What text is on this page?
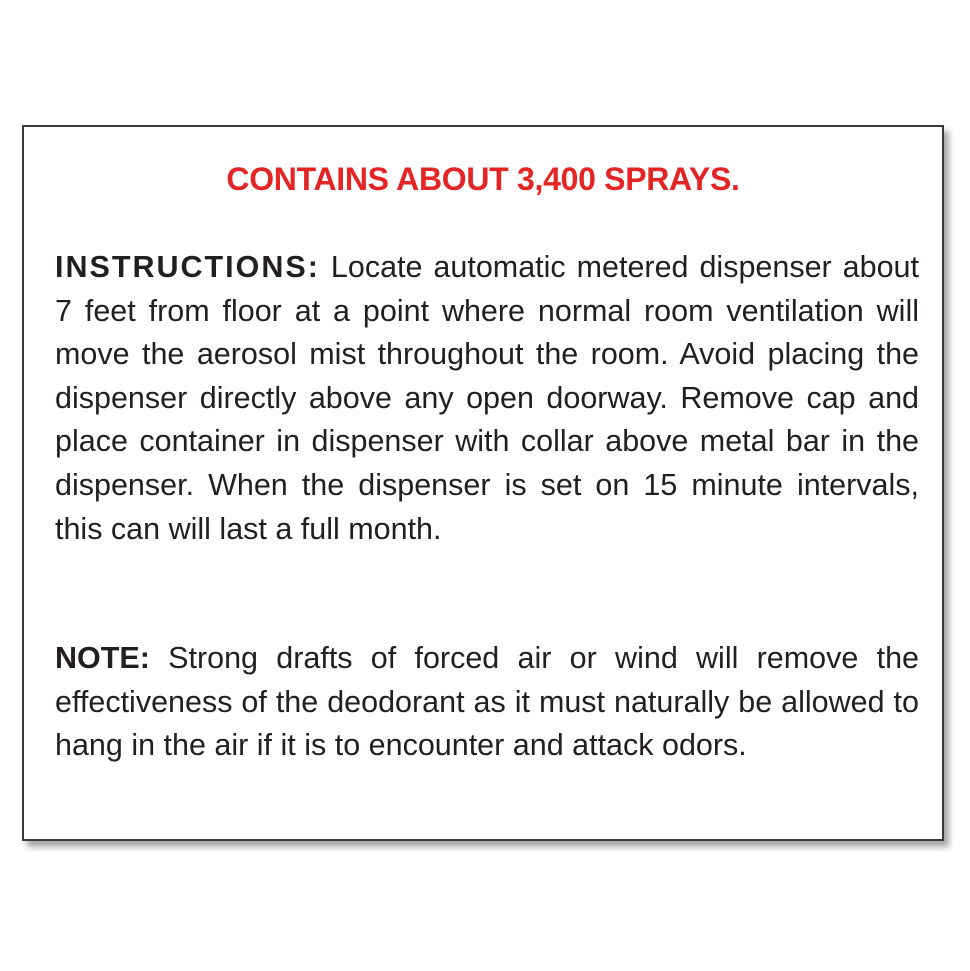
CONTAINS ABOUT 3,400 SPRAYS.

INSTRUCTIONS: Locate automatic metered dispenser about 7 feet from floor at a point where normal room ventilation will move the aerosol mist throughout the room. Avoid placing the dispenser directly above any open doorway. Remove cap and place container in dispenser with collar above metal bar in the dispenser. When the dispenser is set on 15 minute intervals, this can will last a full month.

NOTE: Strong drafts of forced air or wind will remove the effectiveness of the deodorant as it must naturally be allowed to hang in the air if it is to encounter and attack odors.
